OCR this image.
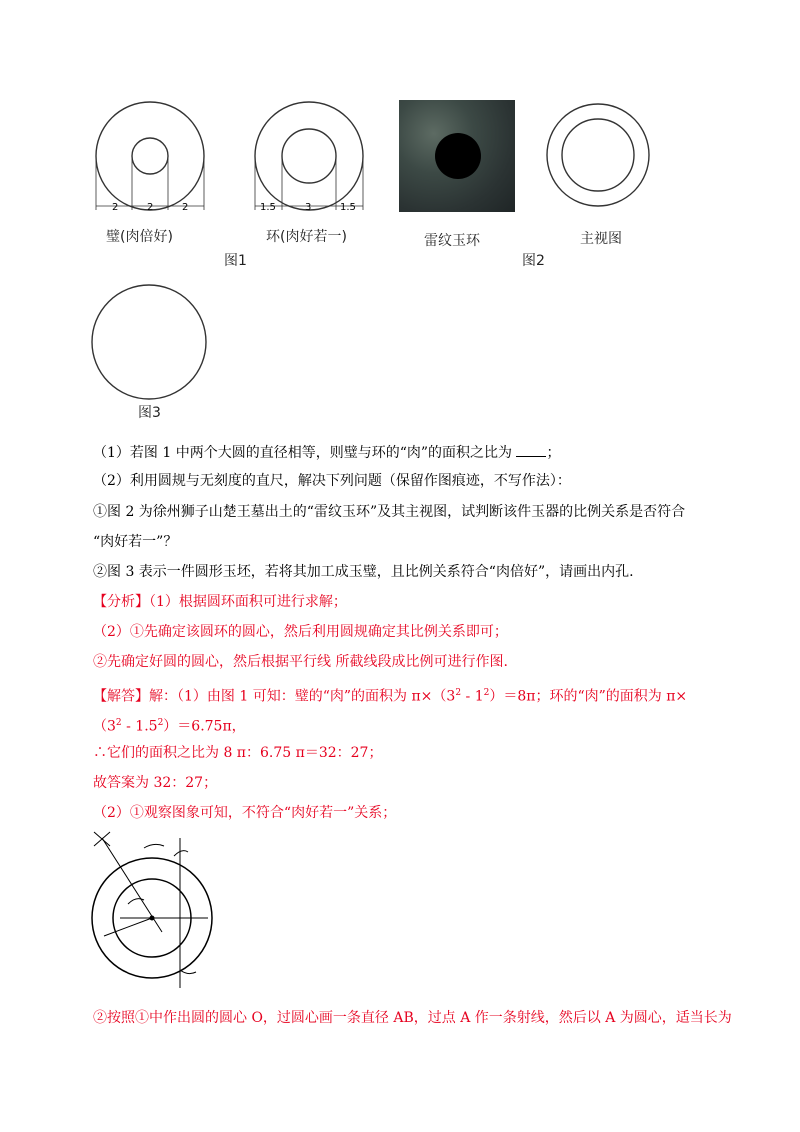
2	2	2
璧(肉倍好)
1.5	3	1.5
环(肉好若一)
图1
雷纹玉环	主视图
图2
图3
（1）若图 1 中两个大圆的直径相等，则璧与环的“肉”的面积之比为 ；
（2）利用圆规与无刻度的直尺，解决下列问题（保留作图痕迹，不写作法）：
①图 2 为徐州狮子山楚王墓出土的“雷纹玉环”及其主视图，试判断该件玉器的比例关系是否符合
“肉好若一”？
②图 3 表示一件圆形玉坯，若将其加工成玉璧，且比例关系符合“肉倍好”，请画出内孔.
【分析】（1）根据圆环面积可进行求解；
（2）①先确定该圆环的圆心，然后利用圆规确定其比例关系即可；
②先确定好圆的圆心，然后根据平行线 所截线段成比例可进行作图.
【解答】解：（1）由图 1 可知：璧的“肉”的面积为 $\pi\times(3^2 - 1^2)=8\pi$；环的“肉”的面积为 π×
$(3^2 - 1.5^2)=6.75\pi$，
∴它们的面积之比为 8 π：6.75 π＝32：27；
故答案为 32：27；
（2）①观察图象可知，不符合“肉好若一”关系；
②按照①中作出圆的圆心 O，过圆心画一条直径 AB，过点 A 作一条射线，然后以 A 为圆心，适当长为
